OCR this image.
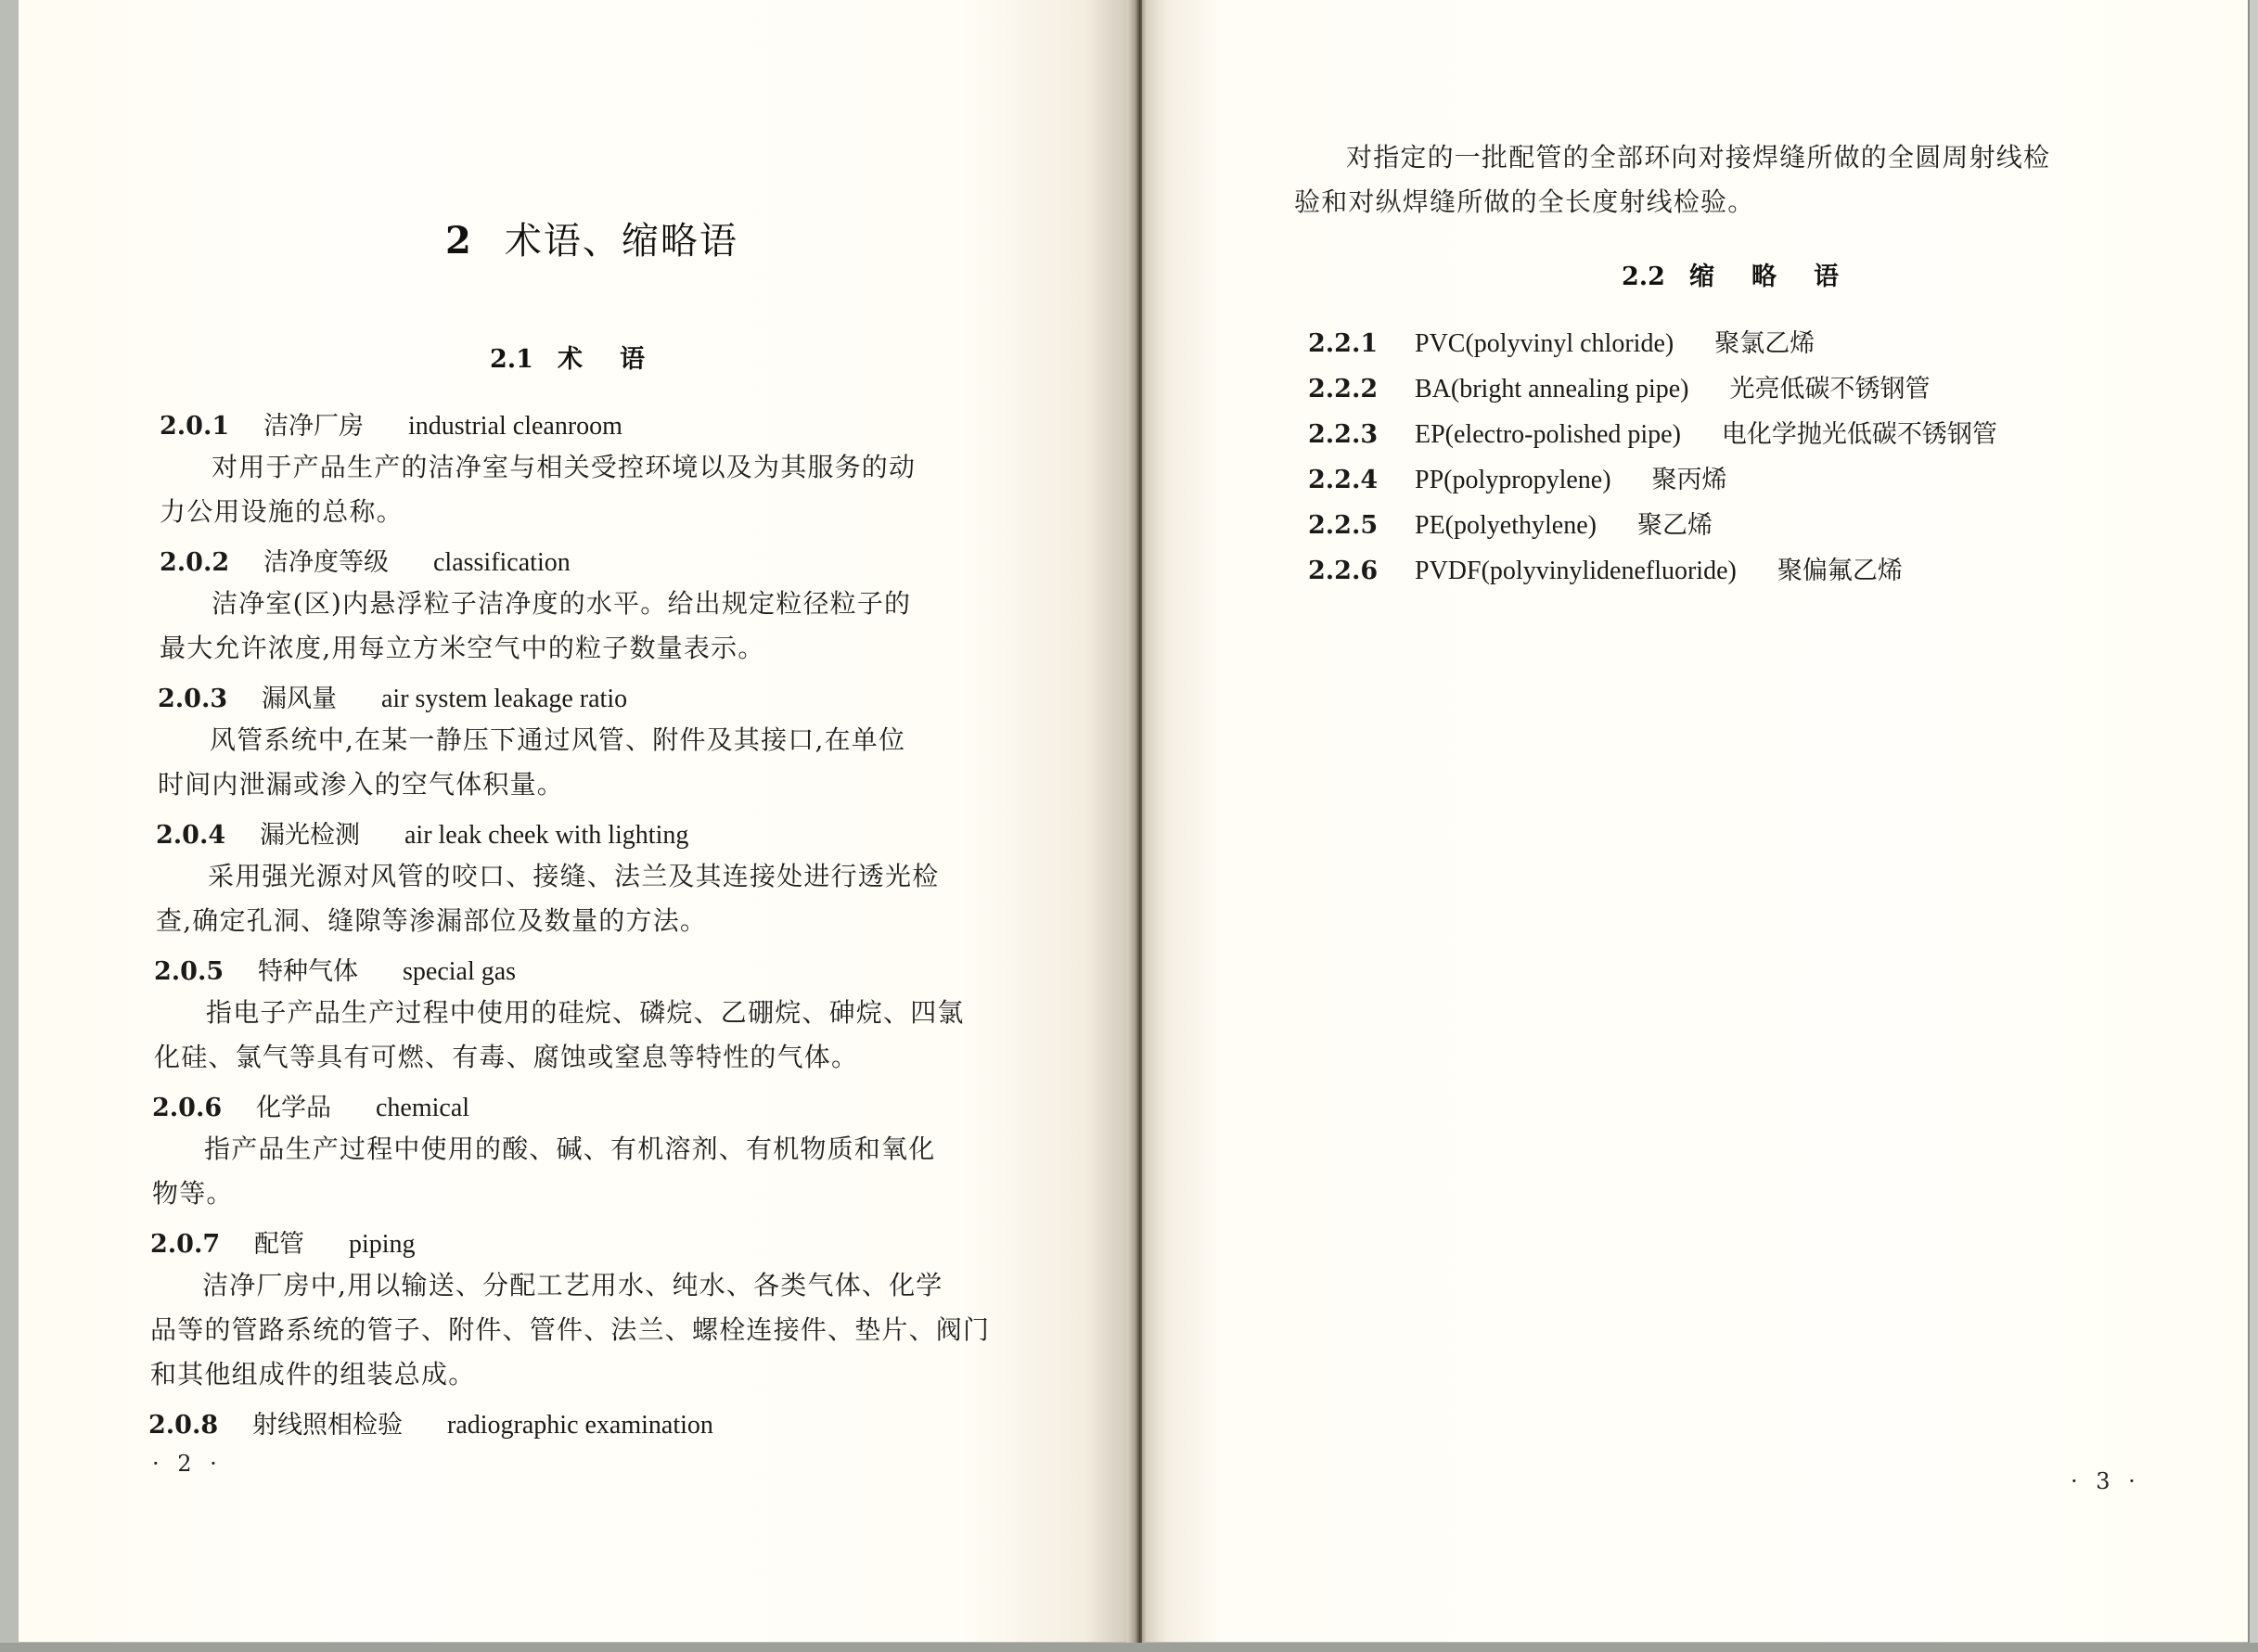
2 术语、缩略语
2.1 术语
2.0.1 洁净厂房 industrial cleanroom
对用于产品生产的洁净室与相关受控环境以及为其服务的动
力公用设施的总称。
2.0.2 洁净度等级 classification
洁净室(区)内悬浮粒子洁净度的水平。给出规定粒径粒子的
最大允许浓度,用每立方米空气中的粒子数量表示。
2.0.3 漏风量 air system leakage ratio
风管系统中,在某一静压下通过风管、附件及其接口,在单位
时间内泄漏或渗入的空气体积量。
2.0.4 漏光检测 air leak cheek with lighting
采用强光源对风管的咬口、接缝、法兰及其连接处进行透光检
查,确定孔洞、缝隙等渗漏部位及数量的方法。
2.0.5 特种气体 special gas
指电子产品生产过程中使用的硅烷、磷烷、乙硼烷、砷烷、四氯
化硅、氯气等具有可燃、有毒、腐蚀或窒息等特性的气体。
2.0.6 化学品 chemical
指产品生产过程中使用的酸、碱、有机溶剂、有机物质和氧化
物等。
2.0.7 配管 piping
洁净厂房中,用以输送、分配工艺用水、纯水、各类气体、化学
品等的管路系统的管子、附件、管件、法兰、螺栓连接件、垫片、阀门
和其他组成件的组装总成。
2.0.8 射线照相检验 radiographic examination
· 2 ·
对指定的一批配管的全部环向对接焊缝所做的全圆周射线检
验和对纵焊缝所做的全长度射线检验。
2.2 缩略语
2.2.1 PVC(polyvinyl chloride) 聚氯乙烯
2.2.2 BA(bright annealing pipe) 光亮低碳不锈钢管
2.2.3 EP(electro-polished pipe) 电化学抛光低碳不锈钢管
2.2.4 PP(polypropylene) 聚丙烯
2.2.5 PE(polyethylene) 聚乙烯
2.2.6 PVDF(polyvinylidenefluoride) 聚偏氟乙烯
· 3 ·
